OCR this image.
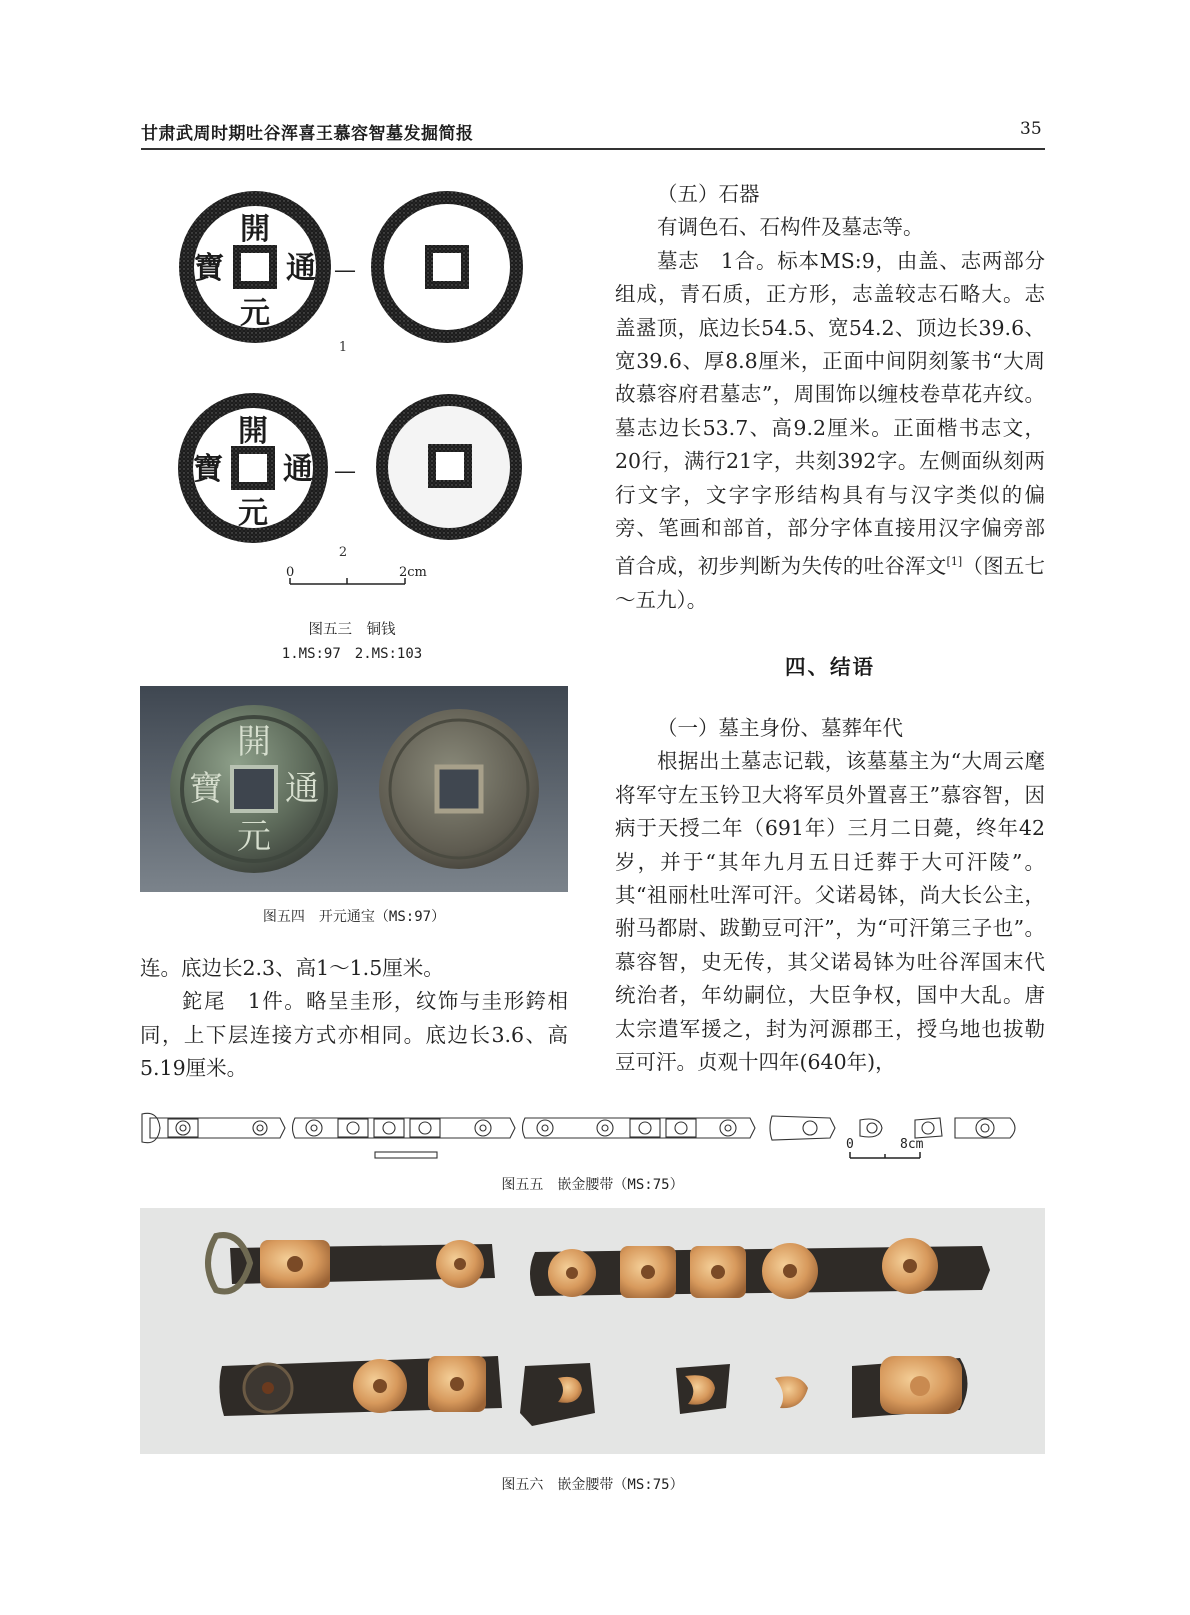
甘肃武周时期吐谷浑喜王慕容智墓发掘简报	35
開
通
元
寶	—
1
開
通
元
寶	—
2
0	2cm
图五三　铜钱
1.MS:97　2.MS:103
開
通
元
寶
图五四　开元通宝（MS:97）

连。底边长2.3、高1～1.5厘米。

鉈尾　1件。略呈圭形，纹饰与圭形銙相同，上下层连接方式亦相同。底边长3.6、高5.19厘米。

（五）石器

有调色石、石构件及墓志等。

墓志　1合。标本MS:9，由盖、志两部分组成，青石质，正方形，志盖较志石略大。志盖盝顶，底边长54.5、宽54.2、顶边长39.6、宽39.6、厚8.8厘米，正面中间阴刻篆书“大周故慕容府君墓志”，周围饰以缠枝卷草花卉纹。墓志边长53.7、高9.2厘米。正面楷书志文，20行，满行21字，共刻392字。左侧面纵刻两行文字，文字字形结构具有与汉字类似的偏旁、笔画和部首，部分字体直接用汉字偏旁部首合成，初步判断为失传的吐谷浑文[1]（图五七～五九）。

四、结语

（一）墓主身份、墓葬年代

根据出土墓志记载，该墓墓主为“大周云麾将军守左玉钤卫大将军员外置喜王”慕容智，因病于天授二年（691年）三月二日薨，终年42岁，并于“其年九月五日迁葬于大可汗陵”。其“祖丽杜吐浑可汗。父诺曷钵，尚大长公主，驸马都尉、跋勤豆可汗”，为“可汗第三子也”。慕容智，史无传，其父诺曷钵为吐谷浑国末代统治者，年幼嗣位，大臣争权，国中大乱。唐太宗遣军援之，封为河源郡王，授乌地也拔勒豆可汗。贞观十四年(640年)，

0	8cm
图五五　嵌金腰带（MS:75）
图五六　嵌金腰带（MS:75）
